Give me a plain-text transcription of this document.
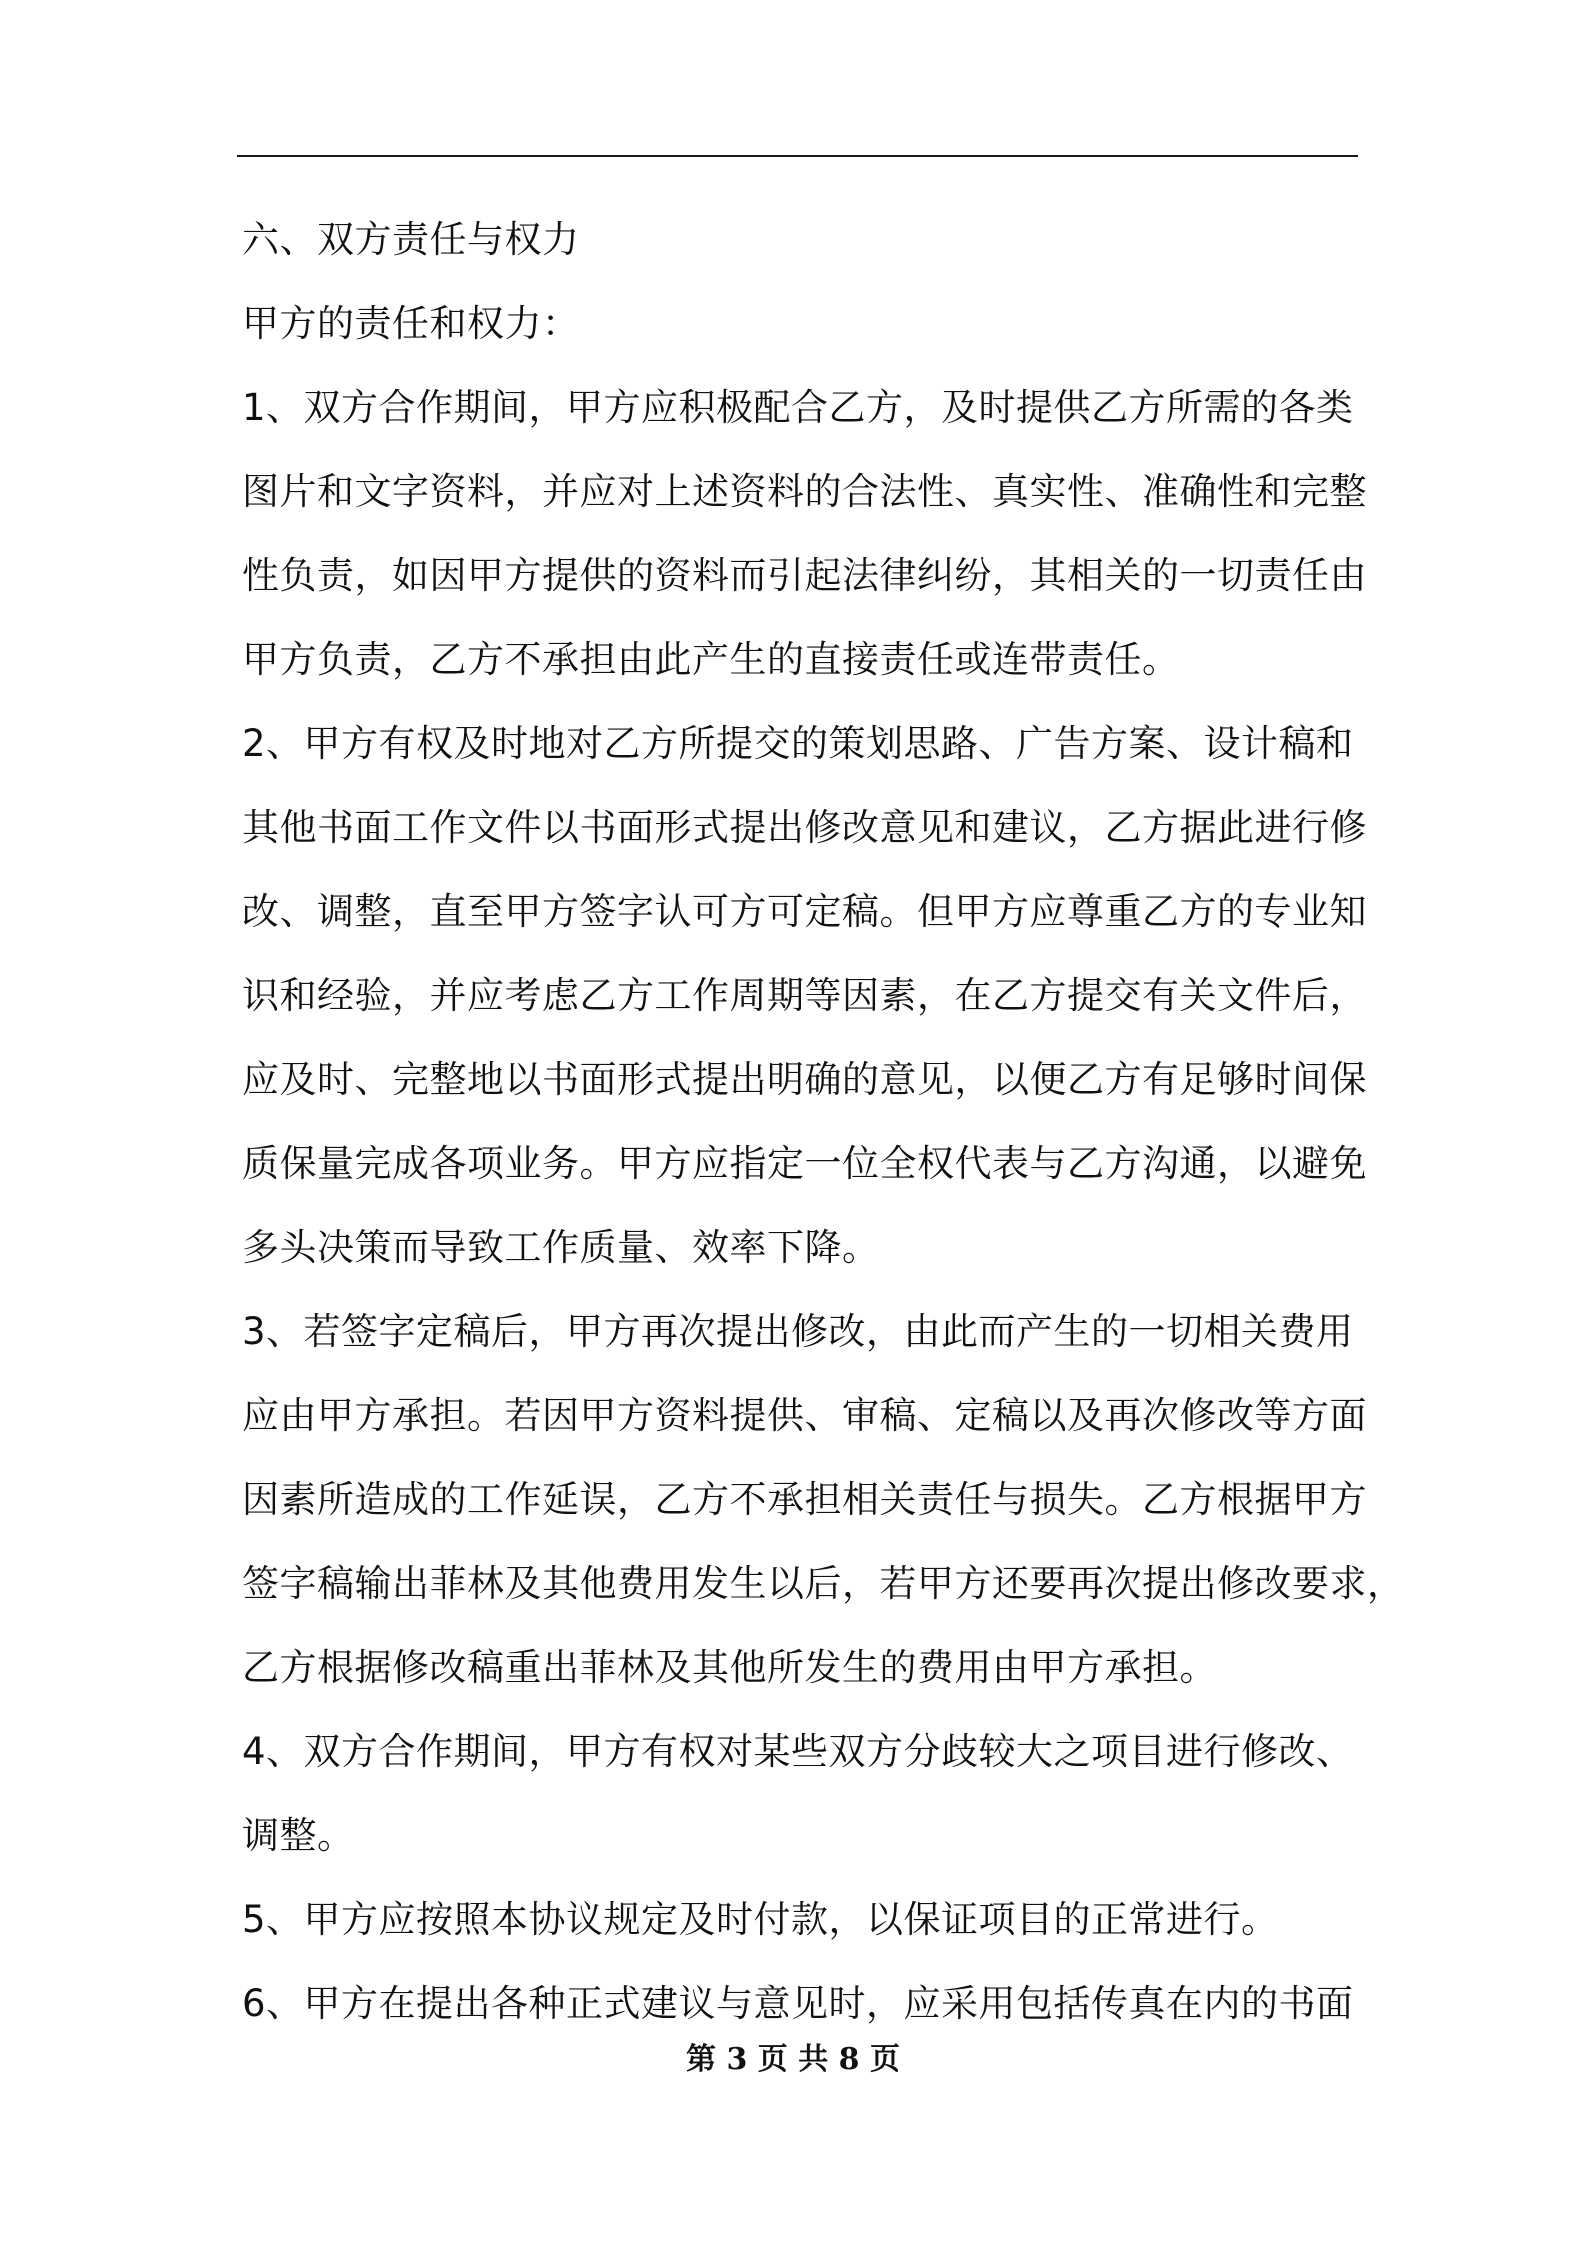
六、双方责任与权力
甲方的责任和权力：
1、双方合作期间，甲方应积极配合乙方，及时提供乙方所需的各类
图片和文字资料，并应对上述资料的合法性、真实性、准确性和完整
性负责，如因甲方提供的资料而引起法律纠纷，其相关的一切责任由
甲方负责，乙方不承担由此产生的直接责任或连带责任。
2、甲方有权及时地对乙方所提交的策划思路、广告方案、设计稿和
其他书面工作文件以书面形式提出修改意见和建议，乙方据此进行修
改、调整，直至甲方签字认可方可定稿。但甲方应尊重乙方的专业知
识和经验，并应考虑乙方工作周期等因素，在乙方提交有关文件后，
应及时、完整地以书面形式提出明确的意见，以便乙方有足够时间保
质保量完成各项业务。甲方应指定一位全权代表与乙方沟通，以避免
多头决策而导致工作质量、效率下降。
3、若签字定稿后，甲方再次提出修改，由此而产生的一切相关费用
应由甲方承担。若因甲方资料提供、审稿、定稿以及再次修改等方面
因素所造成的工作延误，乙方不承担相关责任与损失。乙方根据甲方
签字稿输出菲林及其他费用发生以后，若甲方还要再次提出修改要求，
乙方根据修改稿重出菲林及其他所发生的费用由甲方承担。
4、双方合作期间，甲方有权对某些双方分歧较大之项目进行修改、
调整。
5、甲方应按照本协议规定及时付款，以保证项目的正常进行。
6、甲方在提出各种正式建议与意见时，应采用包括传真在内的书面
第 3 页 共 8 页
